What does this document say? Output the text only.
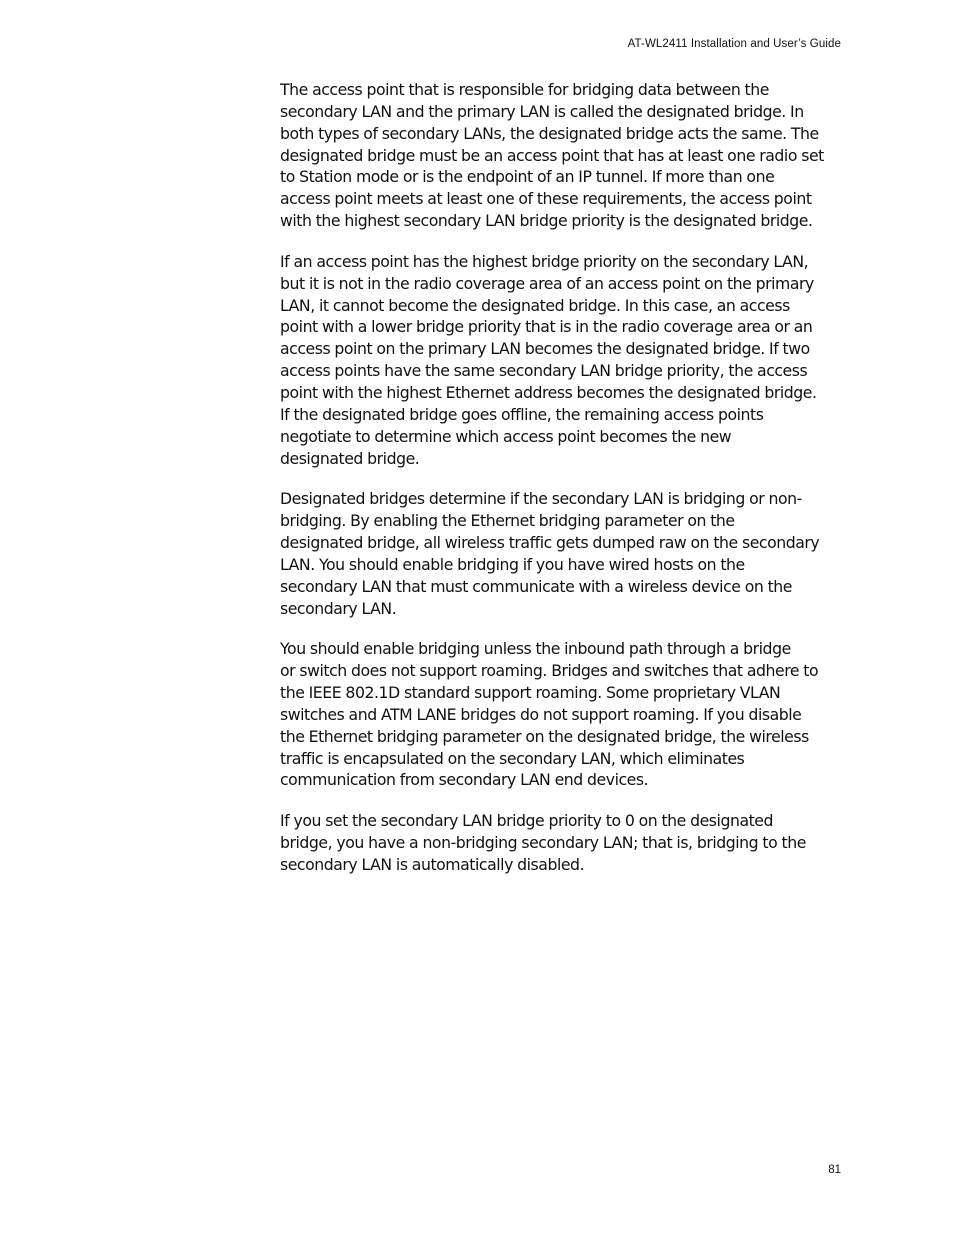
AT-WL2411 Installation and User’s Guide

The access point that is responsible for bridging data between the
secondary LAN and the primary LAN is called the designated bridge. In
both types of secondary LANs, the designated bridge acts the same. The
designated bridge must be an access point that has at least one radio set
to Station mode or is the endpoint of an IP tunnel. If more than one
access point meets at least one of these requirements, the access point
with the highest secondary LAN bridge priority is the designated bridge.

If an access point has the highest bridge priority on the secondary LAN,
but it is not in the radio coverage area of an access point on the primary
LAN, it cannot become the designated bridge. In this case, an access
point with a lower bridge priority that is in the radio coverage area or an
access point on the primary LAN becomes the designated bridge. If two
access points have the same secondary LAN bridge priority, the access
point with the highest Ethernet address becomes the designated bridge.
If the designated bridge goes offline, the remaining access points
negotiate to determine which access point becomes the new
designated bridge.

Designated bridges determine if the secondary LAN is bridging or non-
bridging. By enabling the Ethernet bridging parameter on the
designated bridge, all wireless traffic gets dumped raw on the secondary
LAN. You should enable bridging if you have wired hosts on the
secondary LAN that must communicate with a wireless device on the
secondary LAN.

You should enable bridging unless the inbound path through a bridge
or switch does not support roaming. Bridges and switches that adhere to
the IEEE 802.1D standard support roaming. Some proprietary VLAN
switches and ATM LANE bridges do not support roaming. If you disable
the Ethernet bridging parameter on the designated bridge, the wireless
traffic is encapsulated on the secondary LAN, which eliminates
communication from secondary LAN end devices.

If you set the secondary LAN bridge priority to 0 on the designated
bridge, you have a non-bridging secondary LAN; that is, bridging to the
secondary LAN is automatically disabled.

81
